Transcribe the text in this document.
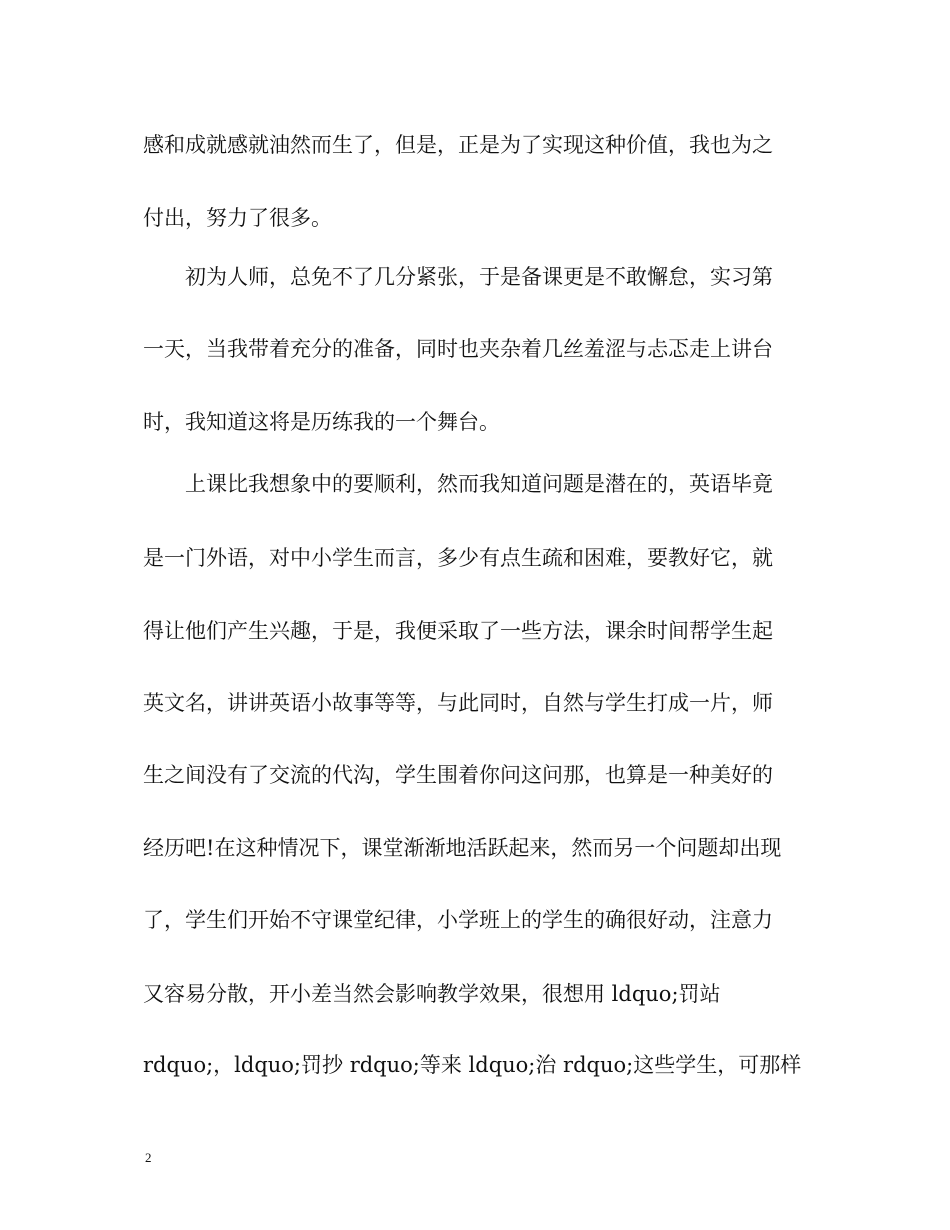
感和成就感就油然而生了，但是，正是为了实现这种价值，我也为之
付出，努力了很多。
　　初为人师，总免不了几分紧张，于是备课更是不敢懈怠，实习第
一天，当我带着充分的准备，同时也夹杂着几丝羞涩与忐忑走上讲台
时，我知道这将是历练我的一个舞台。
　　上课比我想象中的要顺利，然而我知道问题是潜在的，英语毕竟
是一门外语，对中小学生而言，多少有点生疏和困难，要教好它，就
得让他们产生兴趣，于是，我便采取了一些方法，课余时间帮学生起
英文名，讲讲英语小故事等等，与此同时，自然与学生打成一片，师
生之间没有了交流的代沟，学生围着你问这问那，也算是一种美好的
经历吧!在这种情况下，课堂渐渐地活跃起来，然而另一个问题却出现
了，学生们开始不守课堂纪律，小学班上的学生的确很好动，注意力
又容易分散，开小差当然会影响教学效果，很想用 ldquo;罚站
rdquo;，ldquo;罚抄 rdquo;等来 ldquo;治 rdquo;这些学生，可那样
2
